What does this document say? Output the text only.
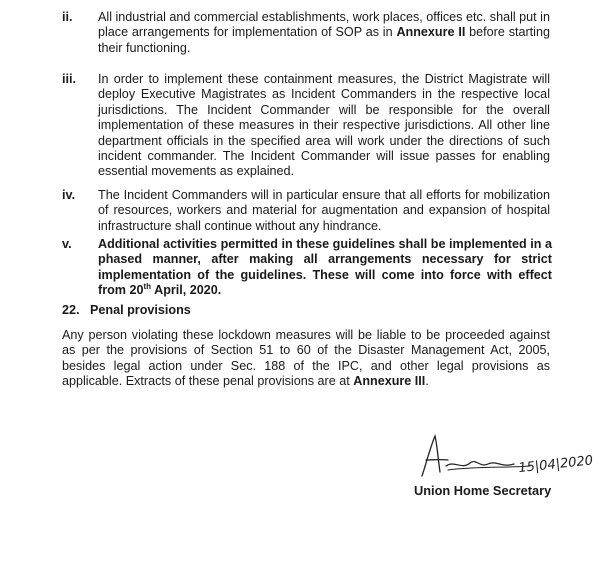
ii. All industrial and commercial establishments, work places, offices etc. shall put in place arrangements for implementation of SOP as in Annexure II before starting their functioning.
iii. In order to implement these containment measures, the District Magistrate will deploy Executive Magistrates as Incident Commanders in the respective local jurisdictions. The Incident Commander will be responsible for the overall implementation of these measures in their respective jurisdictions. All other line department officials in the specified area will work under the directions of such incident commander. The Incident Commander will issue passes for enabling essential movements as explained.
iv. The Incident Commanders will in particular ensure that all efforts for mobilization of resources, workers and material for augmentation and expansion of hospital infrastructure shall continue without any hindrance.
v. Additional activities permitted in these guidelines shall be implemented in a phased manner, after making all arrangements necessary for strict implementation of the guidelines. These will come into force with effect from 20th April, 2020.
22. Penal provisions
Any person violating these lockdown measures will be liable to be proceeded against as per the provisions of Section 51 to 60 of the Disaster Management Act, 2005, besides legal action under Sec. 188 of the IPC, and other legal provisions as applicable. Extracts of these penal provisions are at Annexure III.
15|04|2020
Union Home Secretary
